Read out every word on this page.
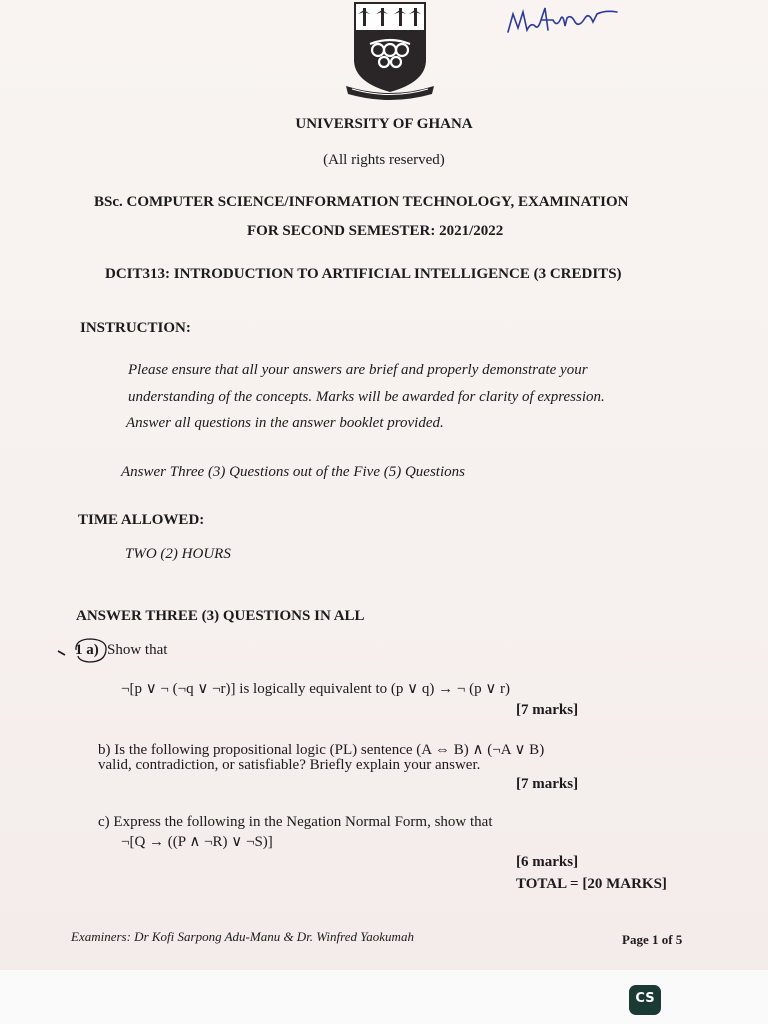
UNIVERSITY OF GHANA
(All rights reserved)
BSc. COMPUTER SCIENCE/INFORMATION TECHNOLOGY, EXAMINATION
FOR SECOND SEMESTER: 2021/2022
DCIT313: INTRODUCTION TO ARTIFICIAL INTELLIGENCE (3 CREDITS)
INSTRUCTION:
Please ensure that all your answers are brief and properly demonstrate your
understanding of the concepts. Marks will be awarded for clarity of expression.
Answer all questions in the answer booklet provided.
Answer Three (3) Questions out of the Five (5) Questions
TIME ALLOWED:
TWO (2) HOURS
ANSWER THREE (3) QUESTIONS IN ALL
1 a) Show that
¬[p ∨ ¬ (¬q ∨ ¬r)] is logically equivalent to (p ∨ q) → ¬ (p ∨ r)
[7 marks]
b) Is the following propositional logic (PL) sentence (A ⇔ B) ∧ (¬A ∨ B)
valid, contradiction, or satisfiable? Briefly explain your answer.
[7 marks]
c) Express the following in the Negation Normal Form, show that
¬[Q → ((P ∧ ¬R) ∨ ¬S)]
[6 marks]
TOTAL = [20 MARKS]
Examiners: Dr Kofi Sarpong Adu-Manu & Dr. Winfred Yaokumah	Page 1 of 5
CS
